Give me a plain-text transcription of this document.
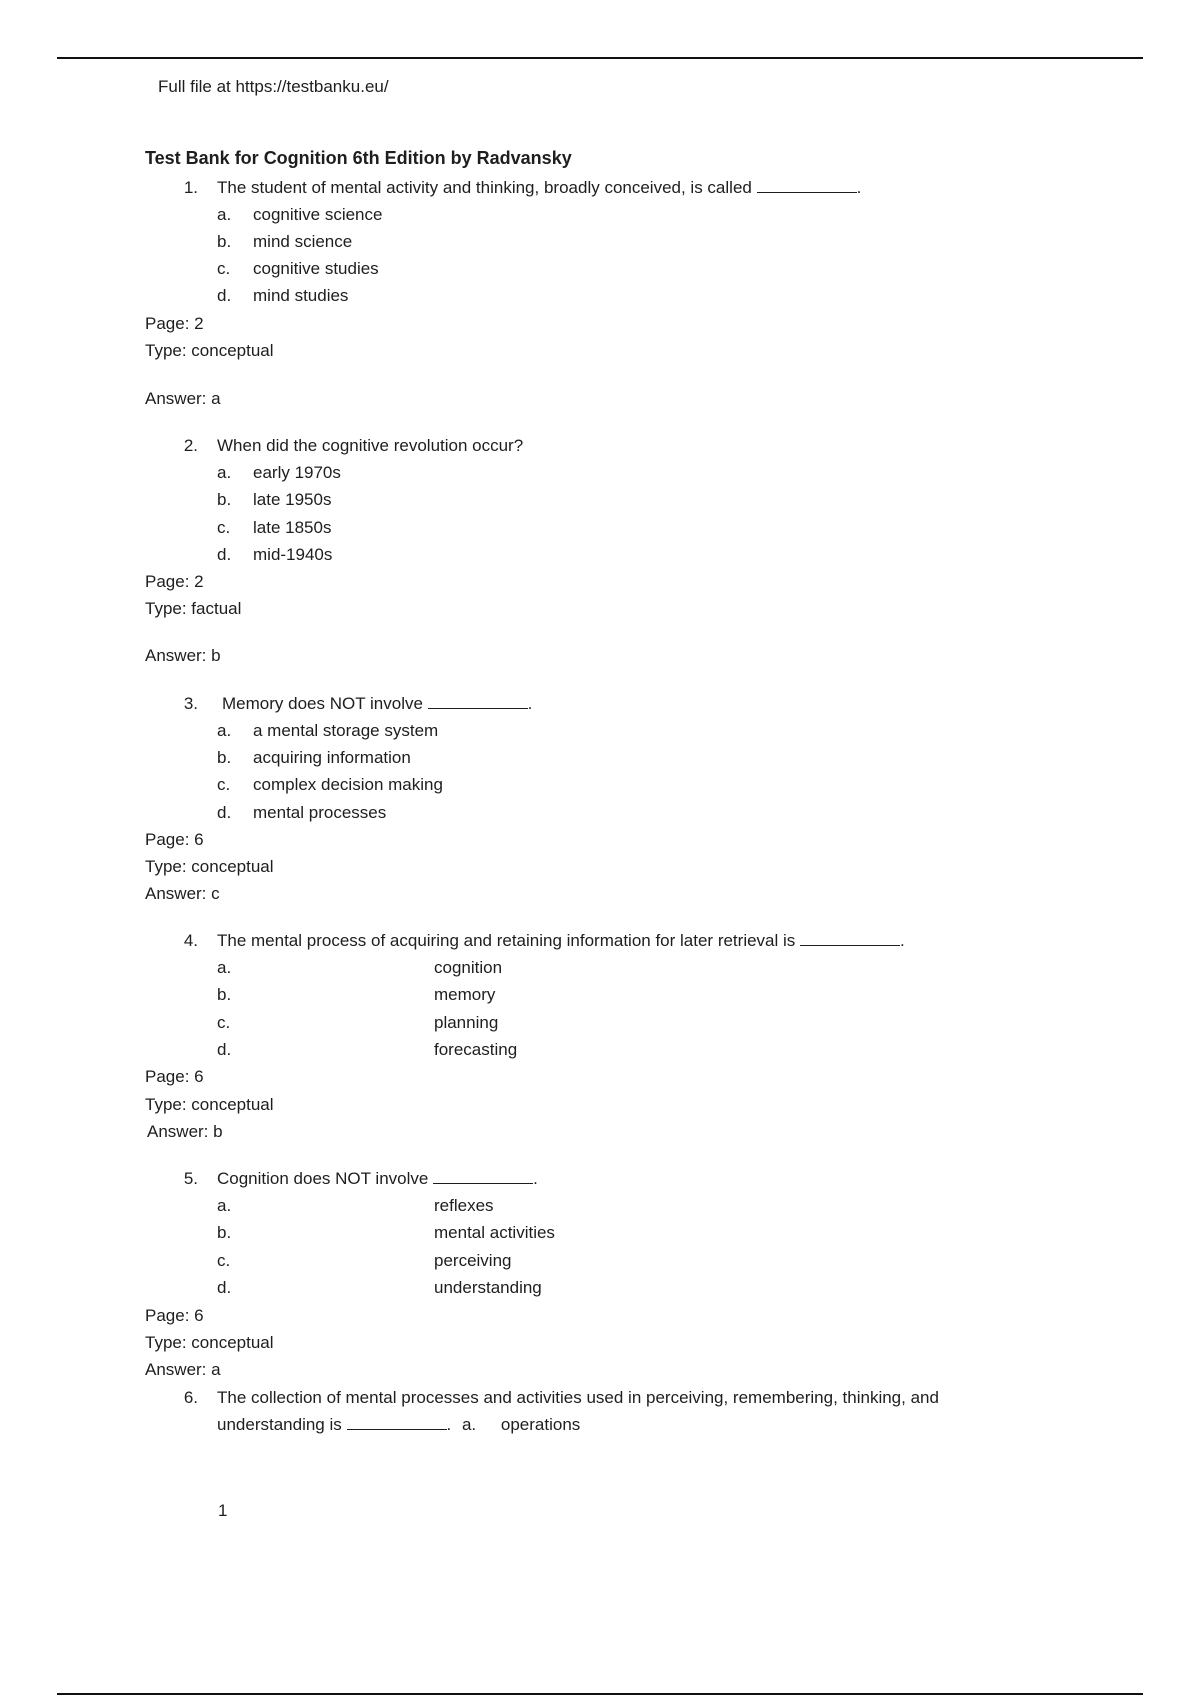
Full file at https://testbanku.eu/
Test Bank for Cognition 6th Edition by Radvansky
1. The student of mental activity and thinking, broadly conceived, is called	.
a. cognitive science
b. mind science
c. cognitive studies
d. mind studies
Page: 2
Type: conceptual
Answer: a
2. When did the cognitive revolution occur?
a. early 1970s
b. late 1950s
c. late 1850s
d. mid-1940s
Page: 2
Type: factual
Answer: b
3. Memory does NOT involve	.
a. a mental storage system
b. acquiring information
c. complex decision making
d. mental processes
Page: 6
Type: conceptual
Answer: c
4. The mental process of acquiring and retaining information for later retrieval is	.
a.	cognition
b.	memory
c.	planning
d.	forecasting
Page: 6
Type: conceptual
Answer: b
5. Cognition does NOT involve	.
a.	reflexes
b.	mental activities
c.	perceiving
d.	understanding
Page: 6
Type: conceptual
Answer: a
6. The collection of mental processes and activities used in perceiving, remembering, thinking, and
understanding is	. a. operations
1
